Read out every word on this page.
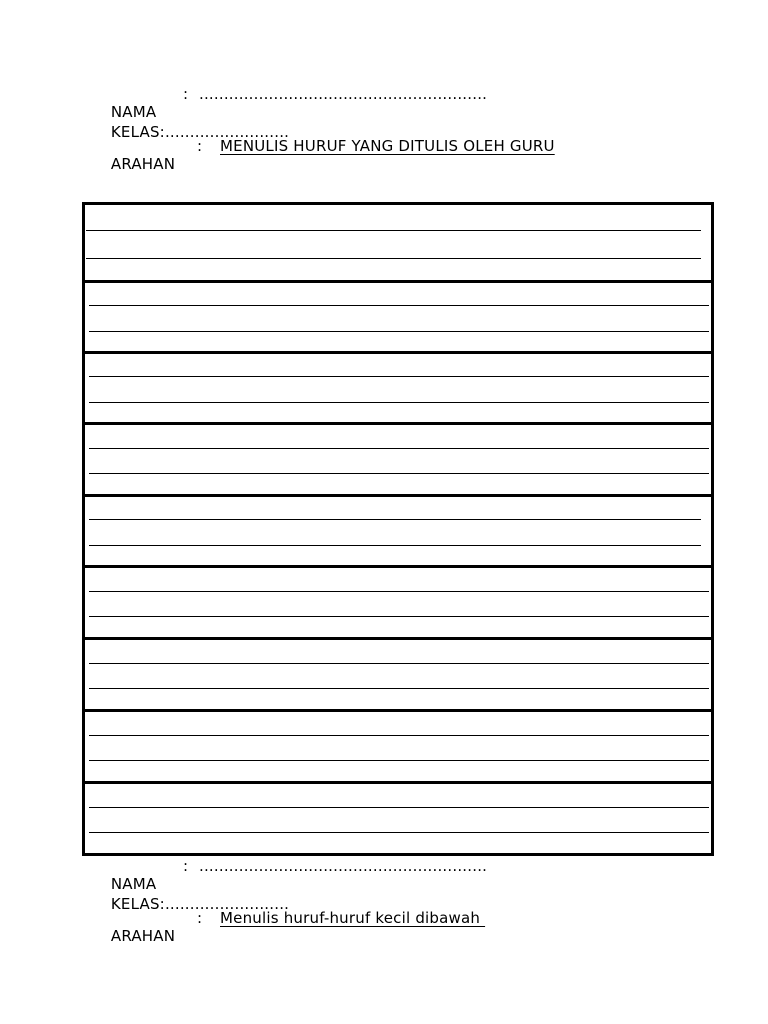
NAMA

:

..........................................................

KELAS:.........................

ARAHAN

:

MENULIS HURUF YANG DITULIS OLEH GURU

NAMA

:

..........................................................

KELAS:.........................

ARAHAN

:

Menulis huruf-huruf kecil dibawah
